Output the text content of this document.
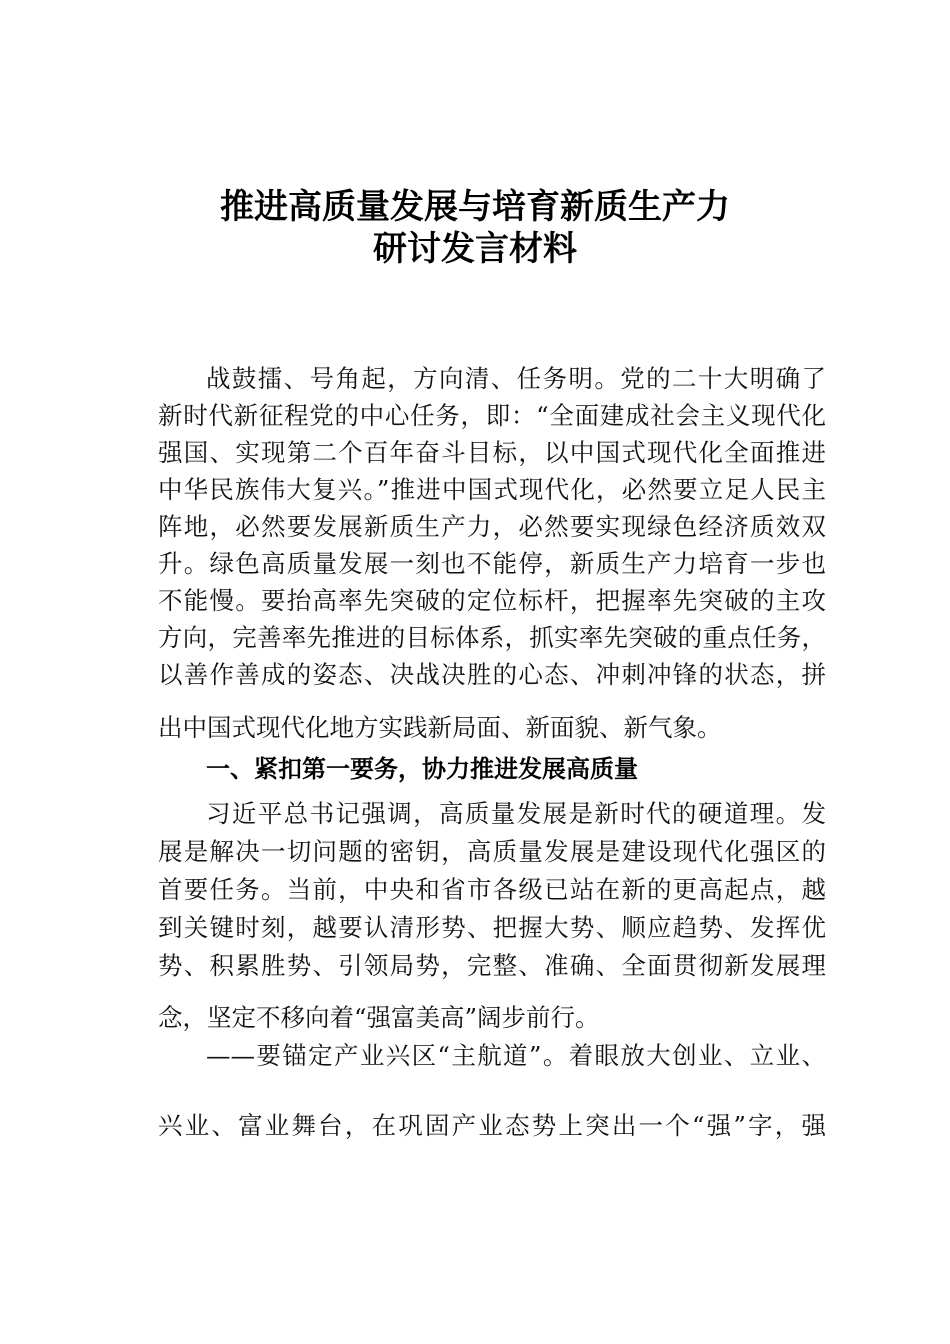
推进高质量发展与培育新质生产力
研讨发言材料
战鼓擂、号角起，方向清、任务明。党的二十大明确了
新时代新征程党的中心任务，即：“全面建成社会主义现代化
强国、实现第二个百年奋斗目标，以中国式现代化全面推进
中华民族伟大复兴。”推进中国式现代化，必然要立足人民主
阵地，必然要发展新质生产力，必然要实现绿色经济质效双
升。绿色高质量发展一刻也不能停，新质生产力培育一步也
不能慢。要抬高率先突破的定位标杆，把握率先突破的主攻
方向，完善率先推进的目标体系，抓实率先突破的重点任务，
以善作善成的姿态、决战决胜的心态、冲刺冲锋的状态，拼
出中国式现代化地方实践新局面、新面貌、新气象。
一、紧扣第一要务，协力推进发展高质量
习近平总书记强调，高质量发展是新时代的硬道理。发
展是解决一切问题的密钥，高质量发展是建设现代化强区的
首要任务。当前，中央和省市各级已站在新的更高起点，越
到关键时刻，越要认清形势、把握大势、顺应趋势、发挥优
势、积累胜势、引领局势，完整、准确、全面贯彻新发展理
念，坚定不移向着“强富美高”阔步前行。
——要锚定产业兴区“主航道”。着眼放大创业、立业、
兴业、富业舞台，在巩固产业态势上突出一个“强”字，强
